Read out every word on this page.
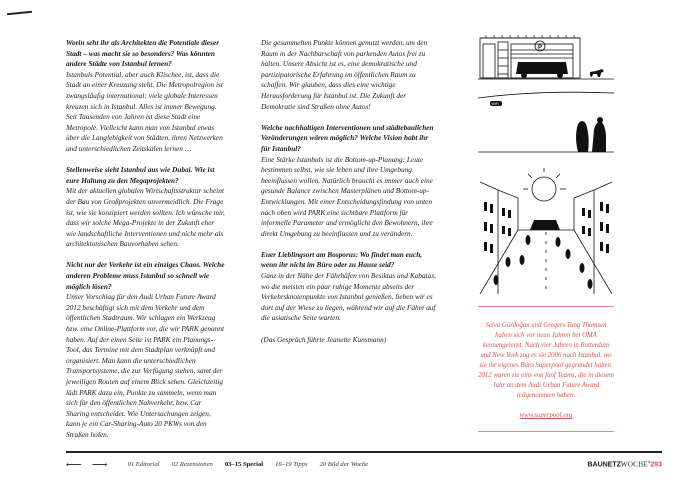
Worin seht ihr als Architekten die Potentiale dieser Stadt – was macht sie so besonders? Was könnten andere Städte von Istanbul lernen?
Istanbuls Potential, aber auch Klischee, ist, dass die Stadt an einer Kreuzung steht. Die Metropolregion ist zwangsläufig international; viele globale Interessen kreuzen sich in Istanbul. Alles ist immer Bewegung. Seit Tausenden von Jahren ist diese Stadt eine Metropole. Vielleicht kann man von Istanbul etwas über die Langlebigkeit von Städten, ihren Netzwerken und unterschiedlichen Zeitskalen lernen …
Stellenweise sieht Istanbul aus wie Dubai. Wie ist eure Haltung zu den Megaprojekten?
Mit der aktuellen globalen Wirtschaftsstruktur scheint der Bau von Großprojekten unvermeidlich. Die Frage ist, wie sie konzipiert werden sollten. Ich wünsche mir, dass wir solche Mega-Projekte in der Zukunft eher wie landschaftliche Interventionen und nicht mehr als architektonischen Bauvorhaben sehen.
Nicht nur der Verkehr ist ein einziges Chaos. Welche anderen Probleme muss Istanbul so schnell wie möglich lösen?
Unser Vorschlag für den Audi Urban Future Award 2012 beschäftigt sich mit dem Verkehr und dem öffentlichen Stadtraum. Wir schlagen ein Werkzeug bzw. eine Online-Plattform vor, die wir PARK genannt haben. Auf der einen Seite ist PARK ein Planungs-Tool, das Termine mit dem Stadtplan verknüpft und organisiert. Man kann die unterschiedlichen Transportsysteme, die zur Verfügung stehen, samt der jeweiligen Routen auf einem Blick sehen. Gleichzeitig lädt PARK dazu ein, Punkte zu sammeln, wenn man sich für den öffentlichen Nahverkehr, bzw. Car Sharing entscheidet. Wie Untersuchungen zeigen, kann je ein Car-Sharing-Auto 20 PKWs von den Straßen holen.
Die gesammelten Punkte können genutzt werden, um den Raum in der Nachbarschaft von parkenden Autos frei zu halten. Unsere Absicht ist es, eine demokratische und partizipatorische Erfahrung im öffentlichen Raum zu schaffen. Wir glauben, dass dies eine wichtige Herausforderung für Istanbul ist. Die Zukunft der Demokratie sind Straßen ohne Autos!
Welche nachhaltigen Interventionen und städtebaulichen Veränderungen wären möglich? Welche Vision habt ihr für Istanbul?
Eine Stärke Istanbuls ist die Bottom-up-Planung: Leute bestimmen selbst, wie sie leben und ihre Umgebung beeinflussen wollen. Natürlich braucht es immer auch eine gesunde Balance zwischen Masterplänen und Bottom-up-Entwicklungen. Mit einer Entscheidungsfindung von unten nach oben wird PARK eine sichtbare Plattform für informelle Parameter und ermöglicht den Bewohnern, ihre direkt Umgebung zu beeinflussen und zu verändern.
Euer Lieblingsort am Bosporus: Wo findet man euch, wenn ihr nicht im Büro oder zu Hause seid?
Ganz in der Nähe der Fährhäfen von Besiktas und Kabatas, wo die meisten ein paar ruhige Momente abseits der Verkehrsknotenpunkte von Istanbul genießen, lieben wir es dort auf der Wiese zu liegen, während wir auf die Fähre auf die asiatische Seite warten.
(Das Gespräch führte Jeanette Kunsmann)
P
WiFi
Selva Gürdoğan und Gregers Tang Thomsen haben sich vor neun Jahren bei OMA kennengelernt. Nach vier Jahren in Rotterdam und New York zog es sie 2006 nach Istanbul, wo sie ihr eigenes Büro Superpool gegründet haben. 2012 waren sie eins von fünf Teams, die in diesem Jahr an dem Audi Urban Future Award teilgenommen haben.
www.superpool.org
⟵ ⟶	01 Editorial 02 Rezensionen 03–15 Special 16–19 Tipps 20 Bild der Woche	BAUNETZWOCHE#293
